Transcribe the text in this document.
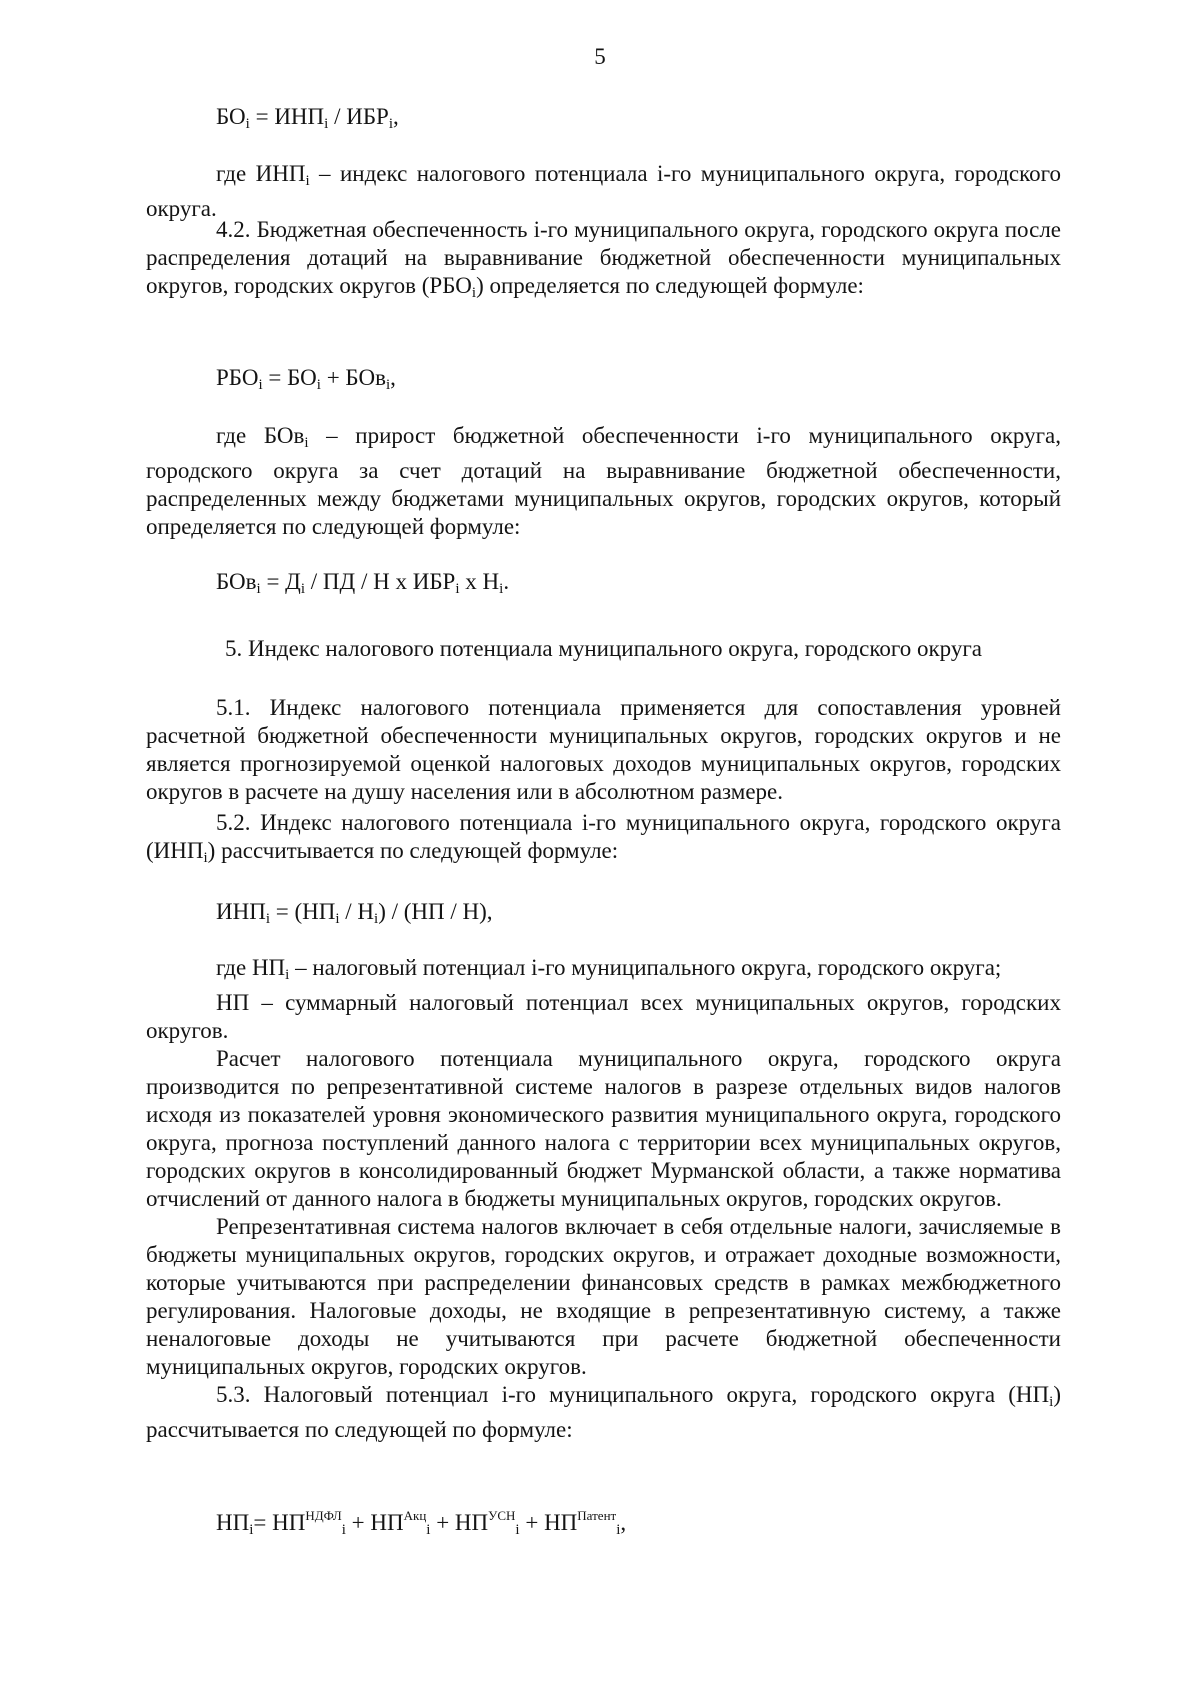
5
$БО_i = ИНП_i / ИБР_i$,

где $ИНП_i$ – индекс налогового потенциала i-го муниципального округа, городского округа.

4.2. Бюджетная обеспеченность i-го муниципального округа, городского округа после распределения дотаций на выравнивание бюджетной обеспеченности муниципальных округов, городских округов $(РБО_i)$ определяется по следующей формуле:

$РБО_i = БО_i + БОв_i$,

где БОв$_i$ – прирост бюджетной обеспеченности i-го муниципального округа, городского округа за счет дотаций на выравнивание бюджетной обеспеченности, распределенных между бюджетами муниципальных округов, городских округов, который определяется по следующей формуле:

$БОв_i = Д_i$ / ПД / Н х $ИБР_i$ х $Н_i$.
5. Индекс налогового потенциала муниципального округа, городского округа

5.1. Индекс налогового потенциала применяется для сопоставления уровней расчетной бюджетной обеспеченности муниципальных округов, городских округов и не является прогнозируемой оценкой налоговых доходов муниципальных округов, городских округов в расчете на душу населения или в абсолютном размере.

5.2. Индекс налогового потенциала i-го муниципального округа, городского округа $(ИНП_i)$ рассчитывается по следующей формуле:

$ИНП_i = (НП_i / Н_i) / (НП / Н)$,

где $НП_i$ – налоговый потенциал i-го муниципального округа, городского округа;

НП – суммарный налоговый потенциал всех муниципальных округов, городских округов.

Расчет налогового потенциала муниципального округа, городского округа производится по репрезентативной системе налогов в разрезе отдельных видов налогов исходя из показателей уровня экономического развития муниципального округа, городского округа, прогноза поступлений данного налога с территории всех муниципальных округов, городских округов в консолидированный бюджет Мурманской области, а также норматива отчислений от данного налога в бюджеты муниципальных округов, городских округов.

Репрезентативная система налогов включает в себя отдельные налоги, зачисляемые в бюджеты муниципальных округов, городских округов, и отражает доходные возможности, которые учитываются при распределении финансовых средств в рамках межбюджетного регулирования. Налоговые доходы, не входящие в репрезентативную систему, а также неналоговые доходы не учитываются при расчете бюджетной обеспеченности муниципальных округов, городских округов.

5.3. Налоговый потенциал i-го муниципального округа, городского округа $(НП_i)$ рассчитывается по следующей по формуле:

$НП_i= НП^{НДФЛ}_i + НП^{Акц}_i + НП^{УСН}_i + НП^{Патент}_i$,
